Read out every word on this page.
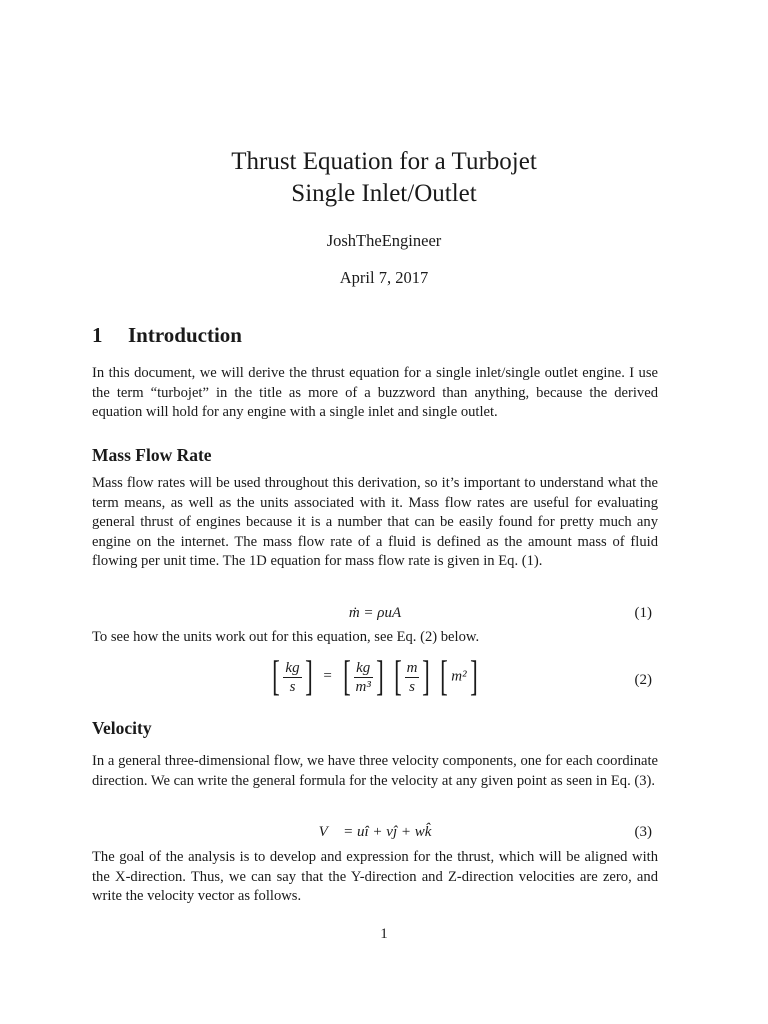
Thrust Equation for a Turbojet
Single Inlet/Outlet
JoshTheEngineer
April 7, 2017
1 Introduction
In this document, we will derive the thrust equation for a single inlet/single outlet engine. I use the term “turbojet” in the title as more of a buzzword than anything, because the derived equation will hold for any engine with a single inlet and single outlet.
Mass Flow Rate
Mass flow rates will be used throughout this derivation, so it’s important to understand what the term means, as well as the units associated with it. Mass flow rates are useful for evaluating general thrust of engines because it is a number that can be easily found for pretty much any engine on the internet. The mass flow rate of a fluid is defined as the amount mass of fluid flowing per unit time. The 1D equation for mass flow rate is given in Eq. (1).
ṁ = ρuA	(1)
To see how the units work out for this equation, see Eq. (2) below.
[ $\frac{kg}{s}$ ] = [ $\frac{kg}{\text{m³}}$ ] [ $\frac{m}{s}$ ] [ m²]	(2)
Velocity
In a general three-dimensional flow, we have three velocity components, one for each coordinate direction. We can write the general formula for the velocity at any given point as seen in Eq. (3).
V⃗ = uî + vĵ + wk̂	(3)
The goal of the analysis is to develop and expression for the thrust, which will be aligned with the X-direction. Thus, we can say that the Y-direction and Z-direction velocities are zero, and write the velocity vector as follows.
1
